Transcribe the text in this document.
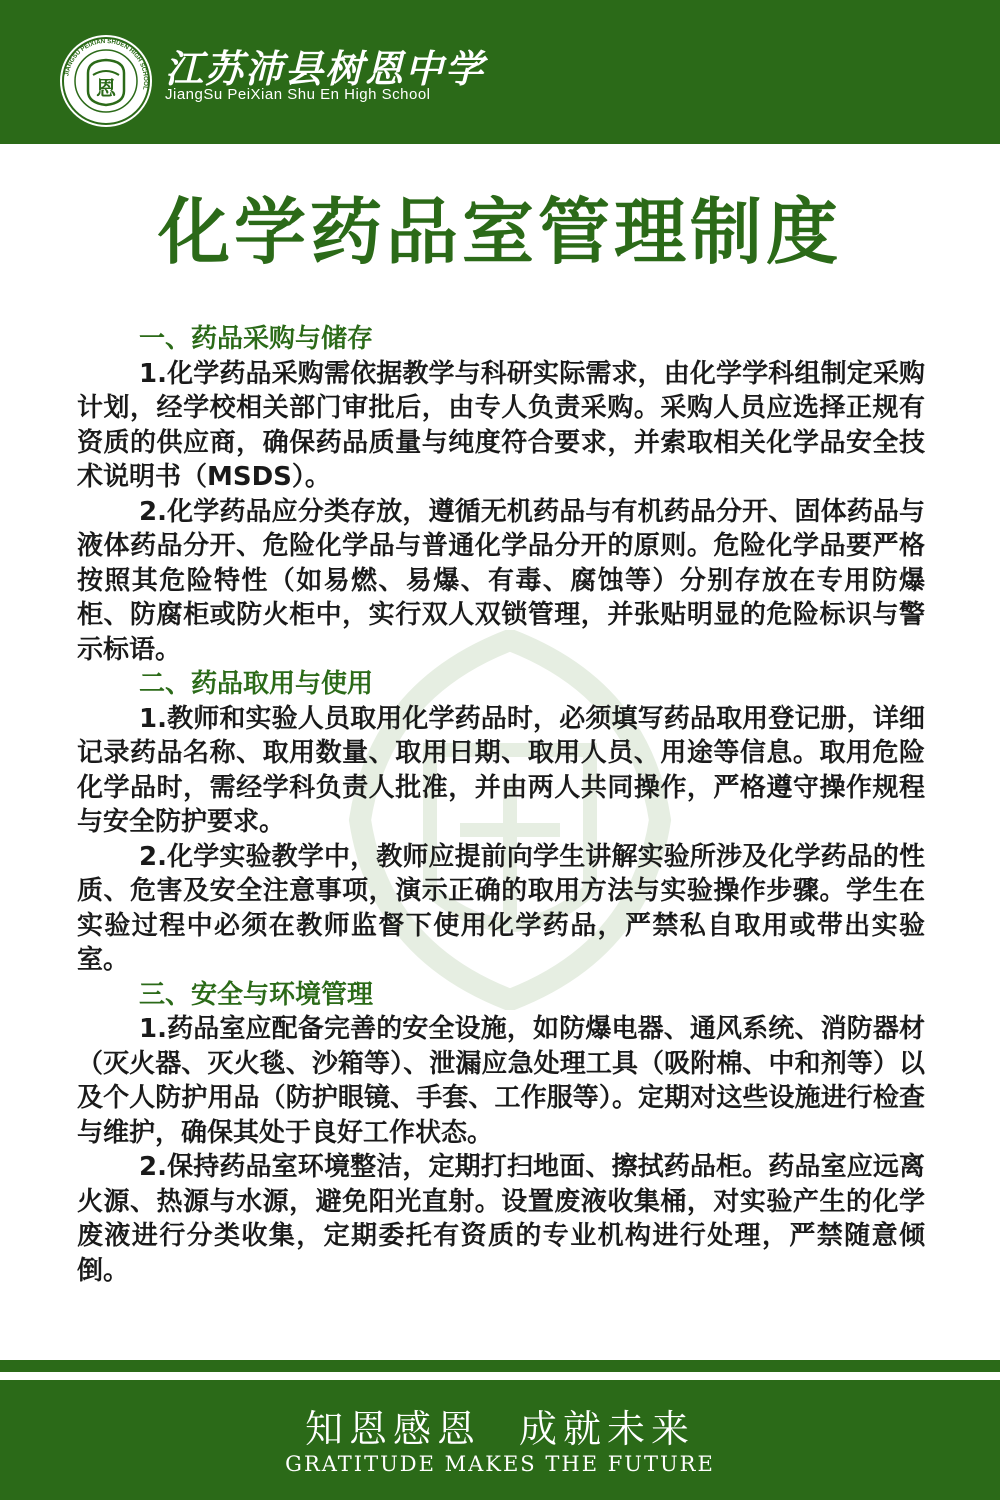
JIANGSU PEIXIAN SHUEN HIGH SCHOOL
恩 江苏沛县树恩中学

JiangSu PeiXian Shu En High School

化学药品室管理制度
一、药品采购与储存

1.化学药品采购需依据教学与科研实际需求，由化学学科组制定采购计划，经学校相关部门审批后，由专人负责采购。采购人员应选择正规有资质的供应商，确保药品质量与纯度符合要求，并索取相关化学品安全技术说明书（MSDS）。

2.化学药品应分类存放，遵循无机药品与有机药品分开、固体药品与液体药品分开、危险化学品与普通化学品分开的原则。危险化学品要严格按照其危险特性（如易燃、易爆、有毒、腐蚀等）分别存放在专用防爆柜、防腐柜或防火柜中，实行双人双锁管理，并张贴明显的危险标识与警示标语。

二、药品取用与使用

1.教师和实验人员取用化学药品时，必须填写药品取用登记册，详细记录药品名称、取用数量、取用日期、取用人员、用途等信息。取用危险化学品时，需经学科负责人批准，并由两人共同操作，严格遵守操作规程与安全防护要求。

2.化学实验教学中，教师应提前向学生讲解实验所涉及化学药品的性质、危害及安全注意事项，演示正确的取用方法与实验操作步骤。学生在实验过程中必须在教师监督下使用化学药品，严禁私自取用或带出实验室。

三、安全与环境管理

1.药品室应配备完善的安全设施，如防爆电器、通风系统、消防器材（灭火器、灭火毯、沙箱等）、泄漏应急处理工具（吸附棉、中和剂等）以及个人防护用品（防护眼镜、手套、工作服等）。定期对这些设施进行检查与维护，确保其处于良好工作状态。

2.保持药品室环境整洁，定期打扫地面、擦拭药品柜。药品室应远离火源、热源与水源，避免阳光直射。设置废液收集桶，对实验产生的化学废液进行分类收集，定期委托有资质的专业机构进行处理，严禁随意倾倒。

知恩感恩 成就未来

GRATITUDE MAKES THE FUTURE
